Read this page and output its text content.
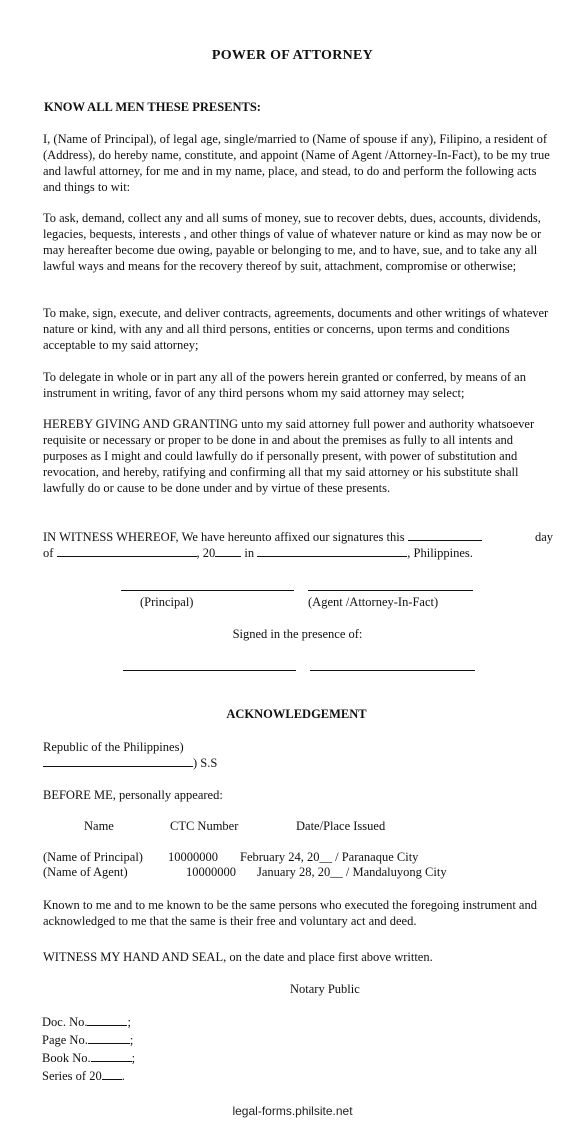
POWER OF ATTORNEY
KNOW ALL MEN THESE PRESENTS:
I, (Name of Principal), of legal age, single/married to (Name of spouse if any), Filipino, a resident of (Address), do hereby name, constitute, and appoint (Name of Agent /Attorney-In-Fact), to be my true and lawful attorney, for me and in my name, place, and stead, to do and perform the following acts and things to wit:
To ask, demand, collect any and all sums of money, sue to recover debts, dues, accounts, dividends, legacies, bequests, interests , and other things of value of whatever nature or kind as may now be or may hereafter become due owing, payable or belonging to me, and to have, sue, and to take any all lawful ways and means for the recovery thereof by suit, attachment, compromise or otherwise;
To make, sign, execute, and deliver contracts, agreements, documents and other writings of whatever nature or kind, with any and all third persons, entities or concerns, upon terms and conditions acceptable to my said attorney;
To delegate in whole or in part any all of the powers herein granted or conferred, by means of an instrument in writing, favor of any third persons whom my said attorney may select;
HEREBY GIVING AND GRANTING unto my said attorney full power and authority whatsoever requisite or necessary or proper to be done in and about the premises as fully to all intents and purposes as I might and could lawfully do if personally present, with power of substitution and revocation, and hereby, ratifying and confirming all that my said attorney or his substitute shall lawfully do or cause to be done under and by virtue of these presents.
IN WITNESS WHEREOF, We have hereunto affixed our signatures this	day
of	, 20 in	, Philippines.
(Principal)	(Agent /Attorney-In-Fact)
Signed in the presence of:
ACKNOWLEDGEMENT
Republic of the Philippines)
) S.S
BEFORE ME, personally appeared:
Name	CTC Number	Date/Place Issued
(Name of Principal) 10000000 February 24, 20__ / Paranaque City
(Name of Agent)	10000000 January 28, 20__ / Mandaluyong City
Known to me and to me known to be the same persons who executed the foregoing instrument and acknowledged to me that the same is their free and voluntary act and deed.
WITNESS MY HAND AND SEAL, on the date and place first above written.
Notary Public
Doc. No.	;
Page No.	;
Book No.	;
Series of 20 .
legal-forms.philsite.net
